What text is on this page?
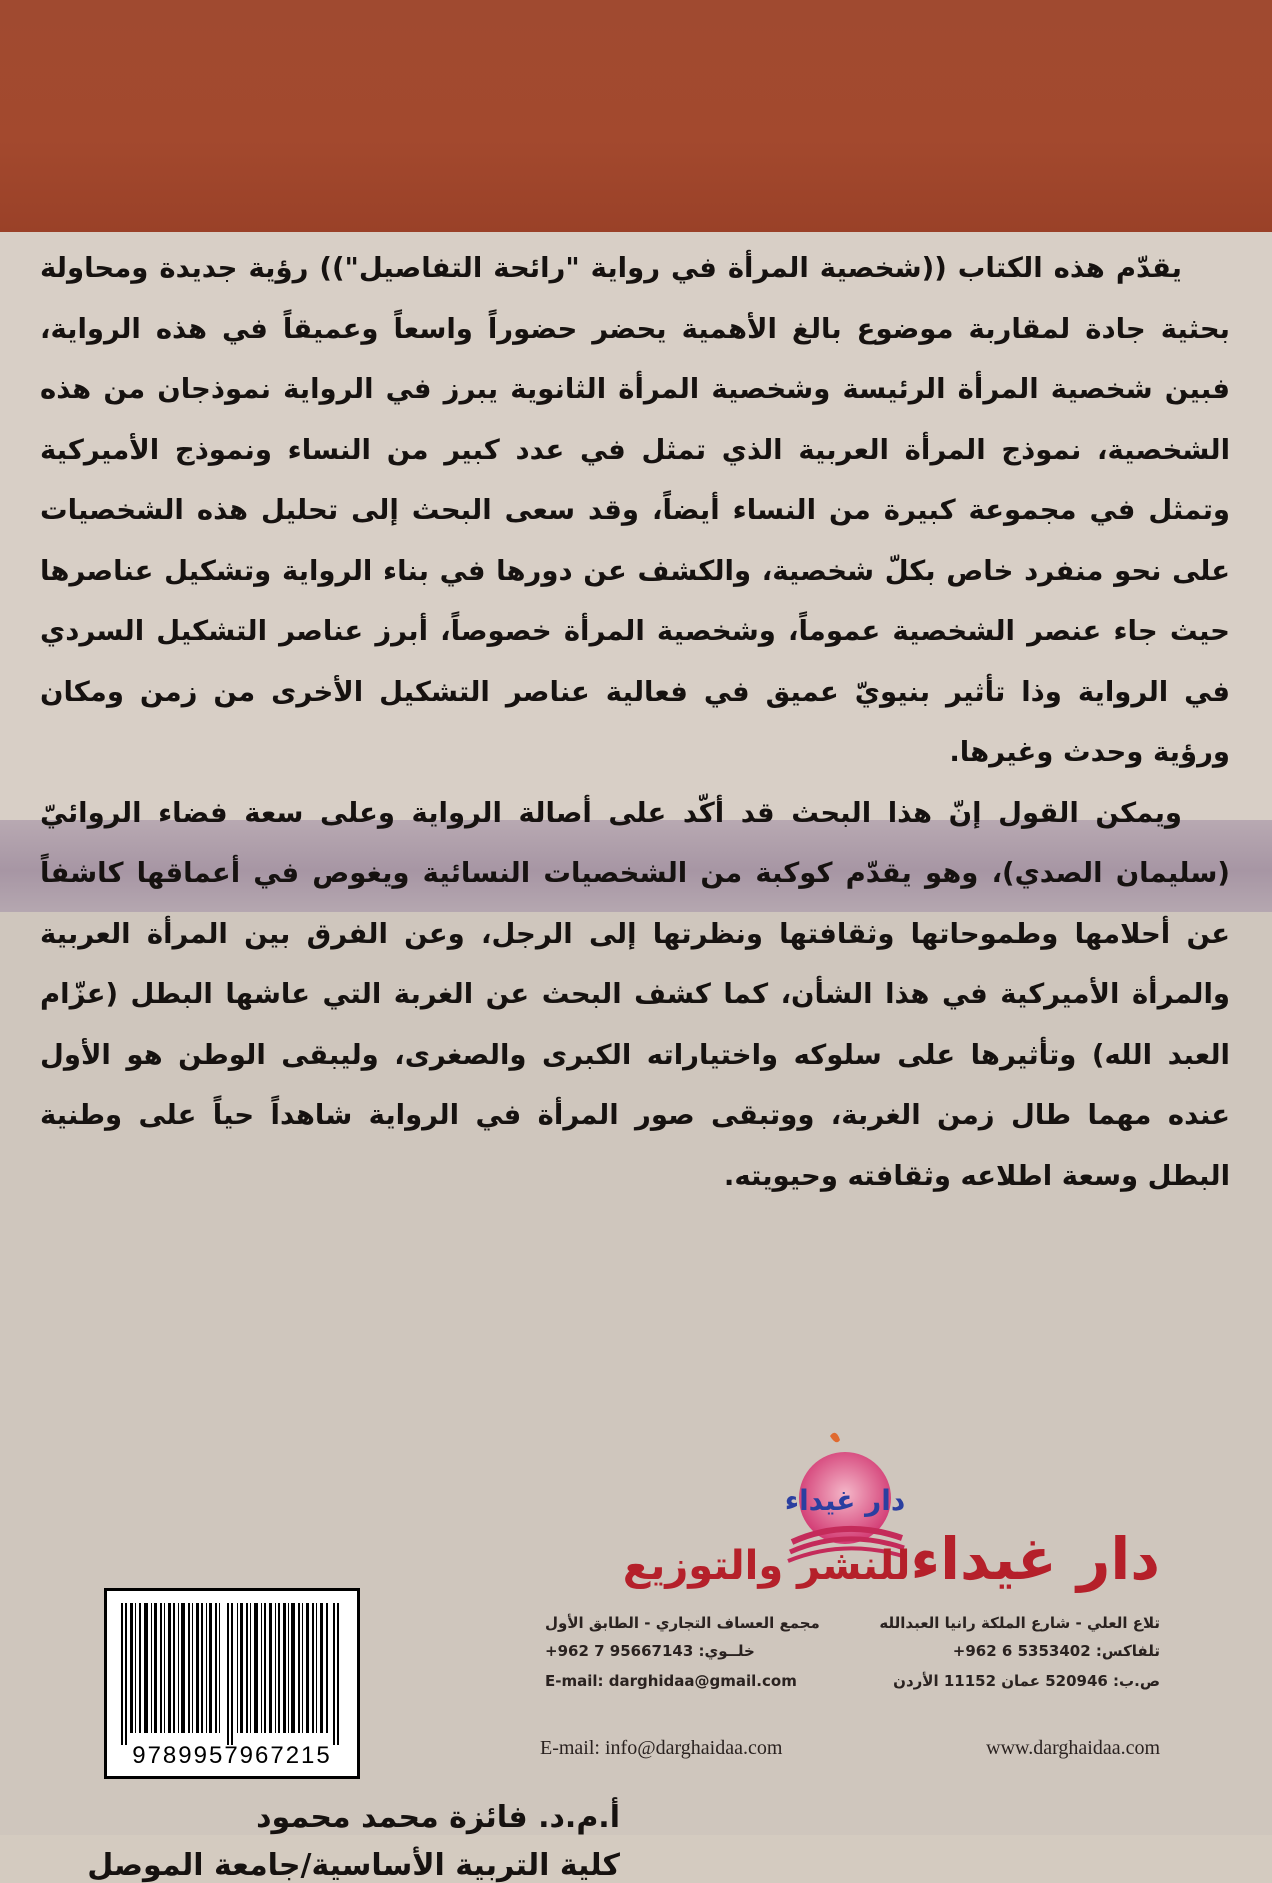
يقدّم هذه الكتاب ((شخصية المرأة في رواية "رائحة التفاصيل")) رؤية جديدة ومحاولة بحثية جادة لمقاربة موضوع بالغ الأهمية يحضر حضوراً واسعاً وعميقاً في هذه الرواية، فبين شخصية المرأة الرئيسة وشخصية المرأة الثانوية يبرز في الرواية نموذجان من هذه الشخصية، نموذج المرأة العربية الذي تمثل في عدد كبير من النساء ونموذج الأميركية وتمثل في مجموعة كبيرة من النساء أيضاً، وقد سعى البحث إلى تحليل هذه الشخصيات على نحو منفرد خاص بكلّ شخصية، والكشف عن دورها في بناء الرواية وتشكيل عناصرها حيث جاء عنصر الشخصية عموماً، وشخصية المرأة خصوصاً، أبرز عناصر التشكيل السردي في الرواية وذا تأثير بنيويّ عميق في فعالية عناصر التشكيل الأخرى من زمن ومكان ورؤية وحدث وغيرها.

ويمكن القول إنّ هذا البحث قد أكّد على أصالة الرواية وعلى سعة فضاء الروائيّ (سليمان الصدي)، وهو يقدّم كوكبة من الشخصيات النسائية ويغوص في أعماقها كاشفاً عن أحلامها وطموحاتها وثقافتها ونظرتها إلى الرجل، وعن الفرق بين المرأة العربية والمرأة الأميركية في هذا الشأن، كما كشف البحث عن الغربة التي عاشها البطل (عزّام العبد الله) وتأثيرها على سلوكه واختياراته الكبرى والصغرى، وليبقى الوطن هو الأول عنده مهما طال زمن الغربة، ووتبقى صور المرأة في الرواية شاهداً حياً على وطنية البطل وسعة اطلاعه وثقافته وحيويته.

أ.م.د. فائزة محمد محمود
كلية التربية الأساسية/جامعة الموصل
دار غيداء
دار غيداءللنشر والتوزيع
تلاع العلي - شارع الملكة رانيا العبدالله
مجمع العساف التجاري - الطابق الأول
تلفاكس: 5353402 6 962+
خلــوي: 95667143 7 962+
ص.ب: 520946 عمان 11152 الأردن
E-mail: darghidaa@gmail.com
www.darghaidaa.com
E-mail: info@darghaidaa.com
9789957967215
